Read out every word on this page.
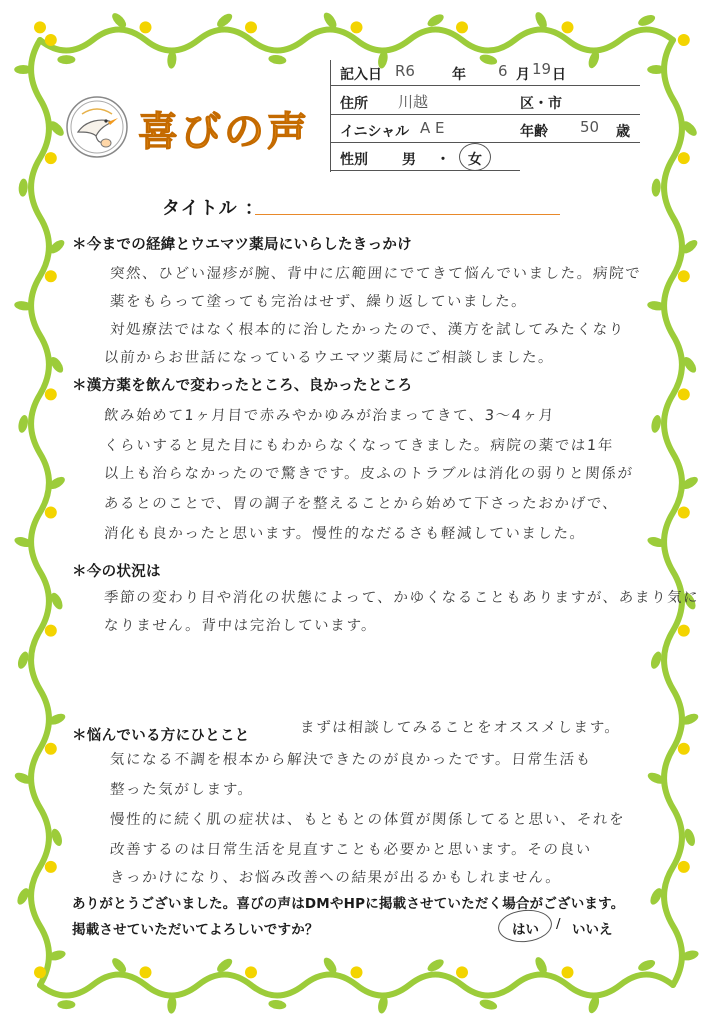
喜びの声
記入日 R6	年 6 月 19 日
住所 川越	区・市
イニシャル A E	年齢 50 歳
性別 男 ・ 女
タイトル ：
＊今までの経緯とウエマツ薬局にいらしたきっかけ
突然、ひどい湿疹が腕、背中に広範囲にでてきて悩んでいました。病院で
薬をもらって塗っても完治はせず、繰り返していました。
対処療法ではなく根本的に治したかったので、漢方を試してみたくなり
以前からお世話になっているウエマツ薬局にご相談しました。
＊漢方薬を飲んで変わったところ、良かったところ
飲み始めて1ヶ月目で赤みやかゆみが治まってきて、3〜4ヶ月
くらいすると見た目にもわからなくなってきました。病院の薬では1年
以上も治らなかったので驚きです。皮ふのトラブルは消化の弱りと関係が
あるとのことで、胃の調子を整えることから始めて下さったおかげで、
消化も良かったと思います。慢性的なだるさも軽減していました。
＊今の状況は
季節の変わり目や消化の状態によって、かゆくなることもありますが、あまり気に
なりません。背中は完治しています。
＊悩んでいる方にひとこと	まずは相談してみることをオススメします。
気になる不調を根本から解決できたのが良かったです。日常生活も
整った気がします。
慢性的に続く肌の症状は、もともとの体質が関係してると思い、それを
改善するのは日常生活を見直すことも必要かと思います。その良い
きっかけになり、お悩み改善への結果が出るかもしれません。
ありがとうございました。喜びの声はDMやHPに掲載させていただく場合がございます。
掲載させていただいてよろしいですか？	はい / いいえ
